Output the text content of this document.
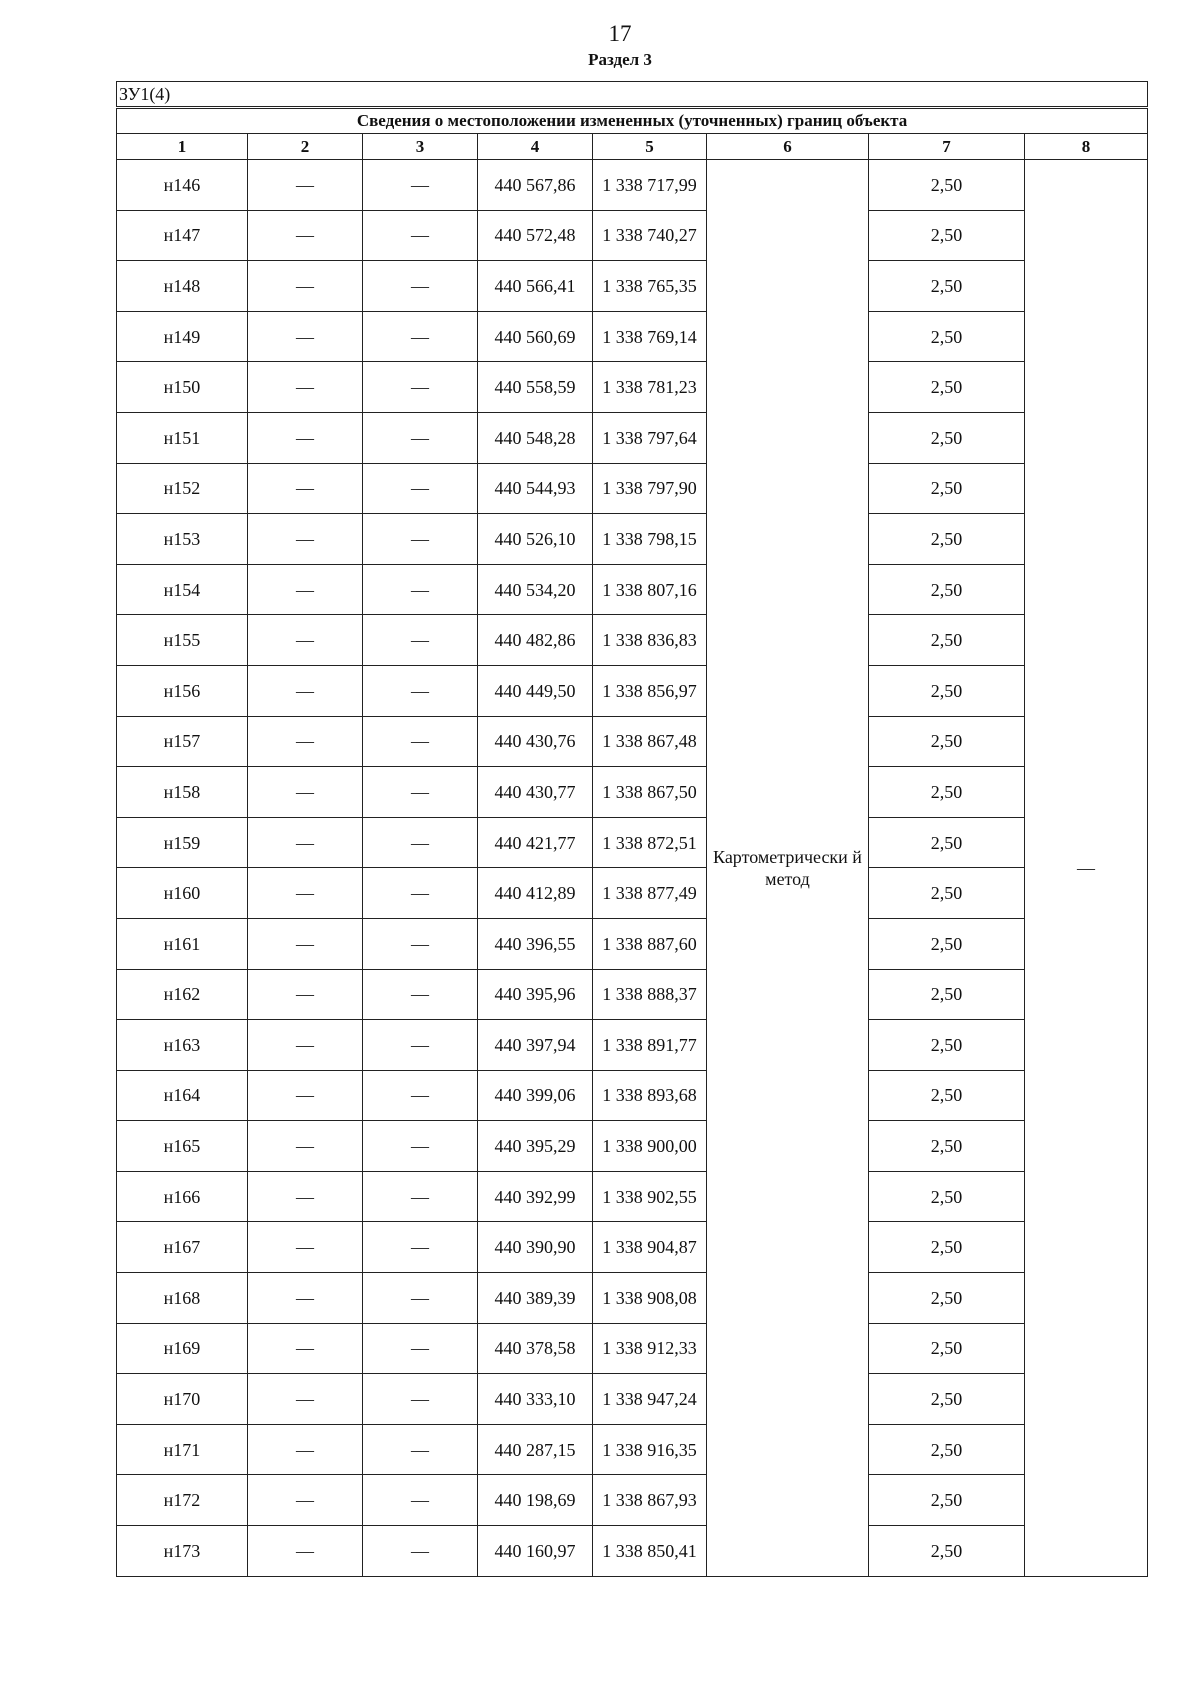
17
Раздел 3
ЗУ1(4)							
Сведения о местоположении измененных (уточненных) границ объекта							
1	2	3	4	5	6	7	8
н146	—	—	440 567,86	1 338 717,99	Картометрически й метод	2,50	—
н147	—	—	440 572,48	1 338 740,27		2,50	
н148	—	—	440 566,41	1 338 765,35		2,50	
н149	—	—	440 560,69	1 338 769,14		2,50	
н150	—	—	440 558,59	1 338 781,23		2,50	
н151	—	—	440 548,28	1 338 797,64		2,50	
н152	—	—	440 544,93	1 338 797,90		2,50	
н153	—	—	440 526,10	1 338 798,15		2,50	
н154	—	—	440 534,20	1 338 807,16		2,50	
н155	—	—	440 482,86	1 338 836,83		2,50	
н156	—	—	440 449,50	1 338 856,97		2,50	
н157	—	—	440 430,76	1 338 867,48		2,50	
н158	—	—	440 430,77	1 338 867,50		2,50	
н159	—	—	440 421,77	1 338 872,51		2,50	
н160	—	—	440 412,89	1 338 877,49		2,50	
н161	—	—	440 396,55	1 338 887,60		2,50	
н162	—	—	440 395,96	1 338 888,37		2,50	
н163	—	—	440 397,94	1 338 891,77		2,50	
н164	—	—	440 399,06	1 338 893,68		2,50	
н165	—	—	440 395,29	1 338 900,00		2,50	
н166	—	—	440 392,99	1 338 902,55		2,50	
н167	—	—	440 390,90	1 338 904,87		2,50	
н168	—	—	440 389,39	1 338 908,08		2,50	
н169	—	—	440 378,58	1 338 912,33		2,50	
н170	—	—	440 333,10	1 338 947,24		2,50	
н171	—	—	440 287,15	1 338 916,35		2,50	
н172	—	—	440 198,69	1 338 867,93		2,50	
н173	—	—	440 160,97	1 338 850,41		2,50	
